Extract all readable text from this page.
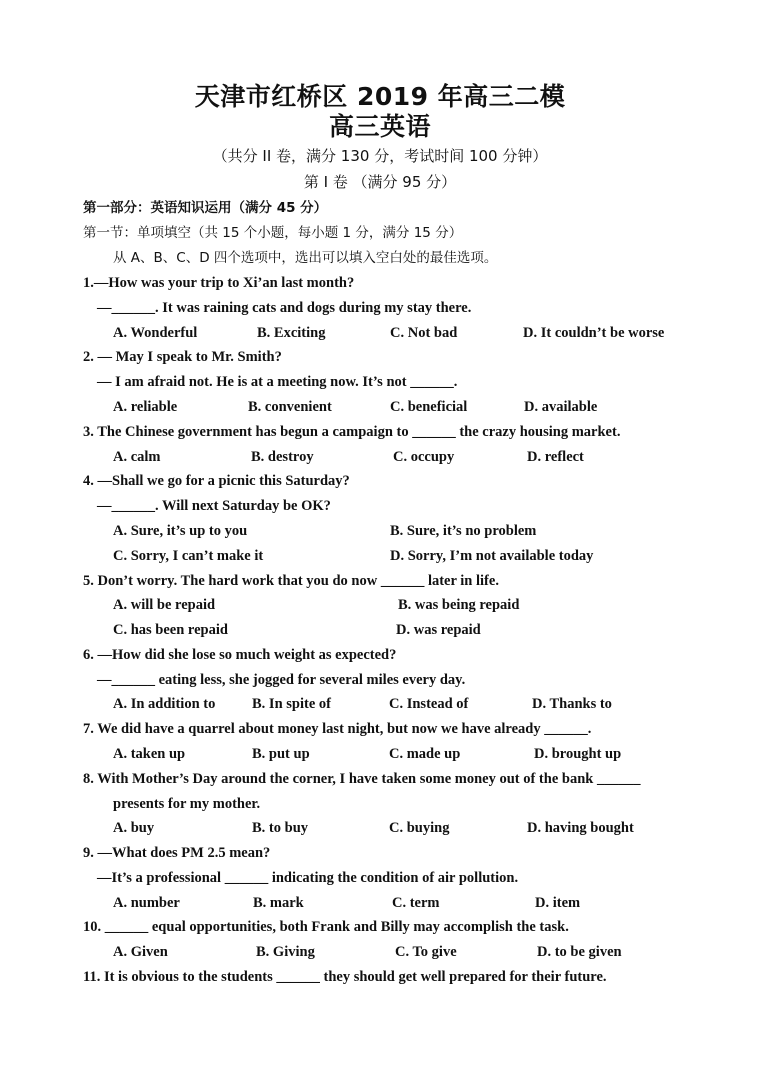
天津市红桥区 2019 年高三二模
高三英语
（共分 II 卷，满分 130 分，考试时间 100 分钟）
第 I 卷 （满分 95 分）
第一部分：英语知识运用（满分 45 分）
第一节：单项填空（共 15 个小题，每小题 1 分，满分 15 分）
从 A、B、C、D 四个选项中，选出可以填入空白处的最佳选项。
1.—How was your trip to Xi’an last month?
—______. It was raining cats and dogs during my stay there.
A. Wonderful	B. Exciting	C. Not bad	D. It couldn’t be worse
2. — May I speak to Mr. Smith?
— I am afraid not. He is at a meeting now. It’s not ______.
A. reliable	B. convenient	C. beneficial	D. available
3. The Chinese government has begun a campaign to ______ the crazy housing market.
A. calm	B. destroy	C. occupy	D. reflect
4. —Shall we go for a picnic this Saturday?
—______. Will next Saturday be OK?
A. Sure, it’s up to you	B. Sure, it’s no problem
C. Sorry, I can’t make it	D. Sorry, I’m not available today
5. Don’t worry. The hard work that you do now ______ later in life.
A. will be repaid	B. was being repaid
C. has been repaid	D. was repaid
6. —How did she lose so much weight as expected?
—______ eating less, she jogged for several miles every day.
A. In addition to	B. In spite of	C. Instead of	D. Thanks to
7. We did have a quarrel about money last night, but now we have already ______.
A. taken up	B. put up	C. made up	D. brought up
8. With Mother’s Day around the corner, I have taken some money out of the bank ______
presents for my mother.
A. buy	B. to buy	C. buying	D. having bought
9. —What does PM 2.5 mean?
—It’s a professional ______ indicating the condition of air pollution.
A. number	B. mark	C. term	D. item
10. ______ equal opportunities, both Frank and Billy may accomplish the task.
A. Given	B. Giving	C. To give	D. to be given
11. It is obvious to the students ______ they should get well prepared for their future.
